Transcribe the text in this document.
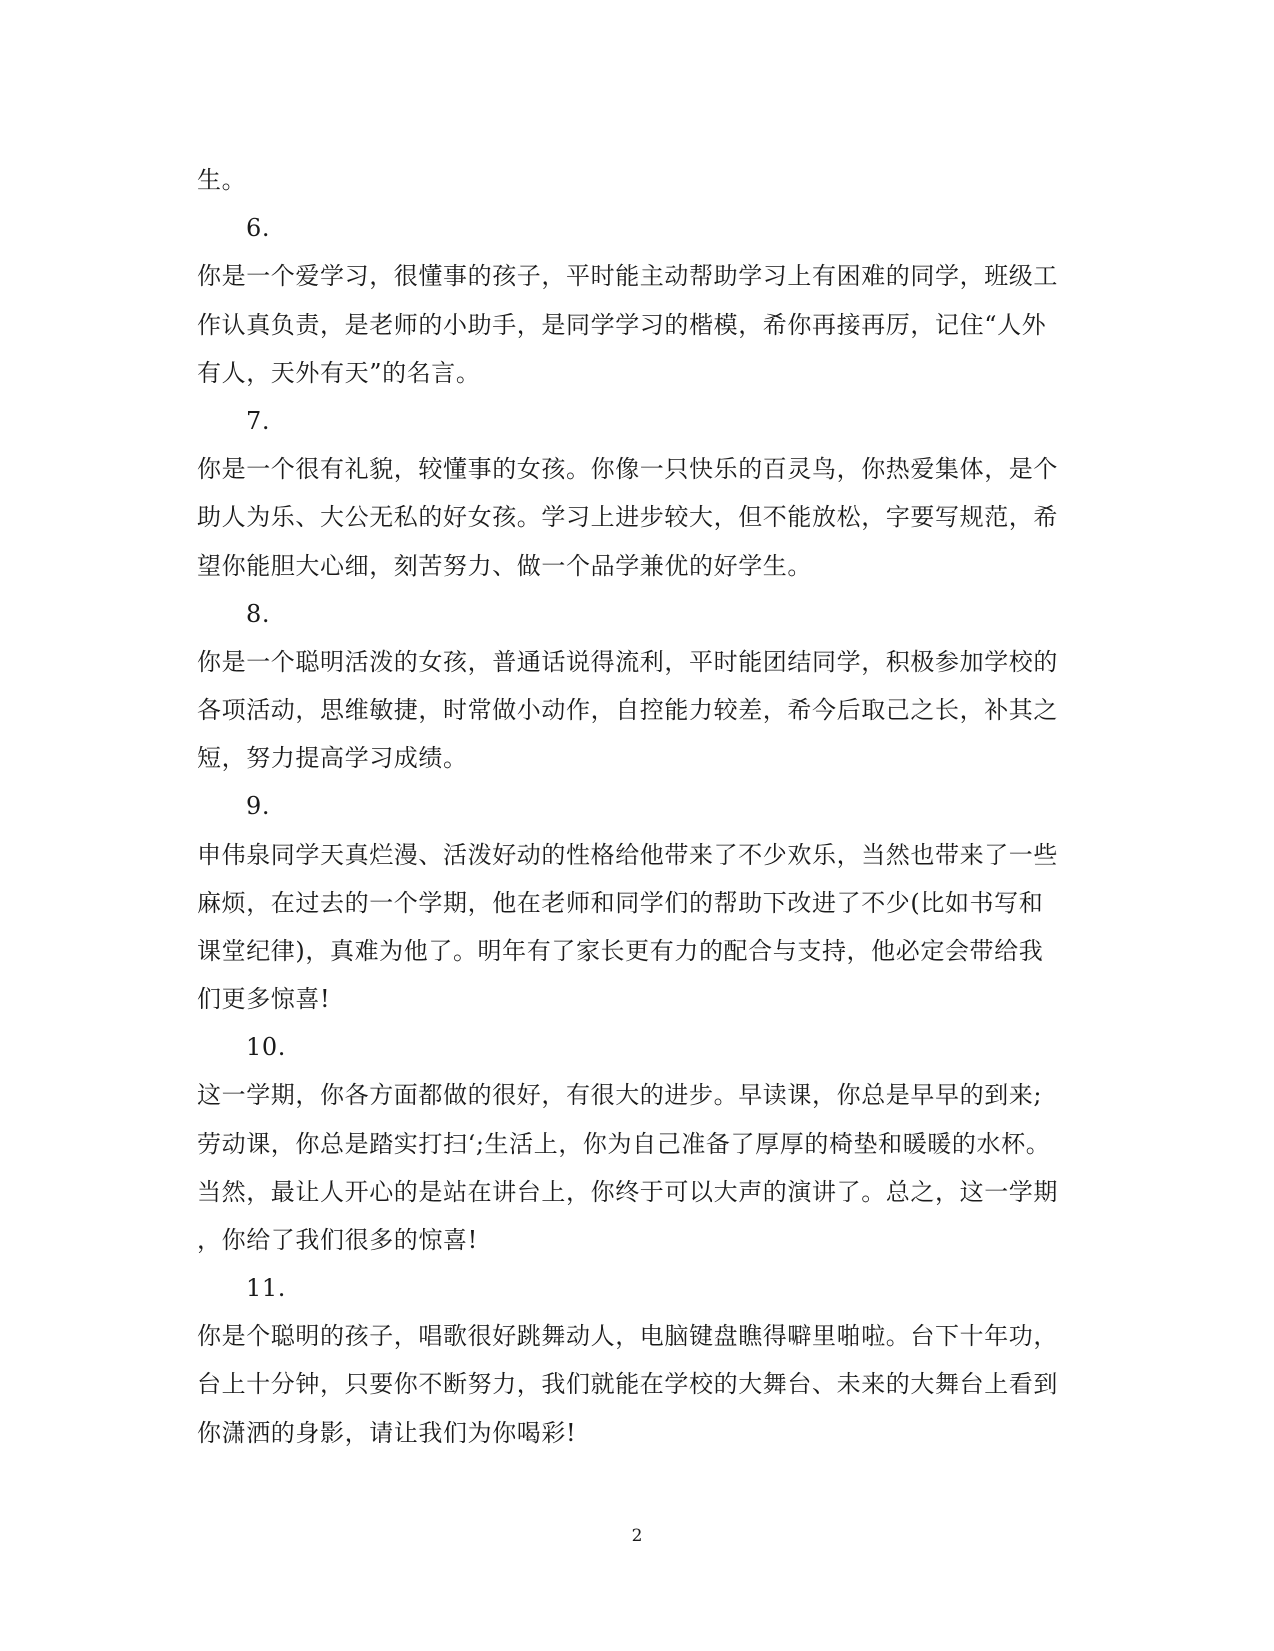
生。
6.
你是一个爱学习，很懂事的孩子，平时能主动帮助学习上有困难的同学，班级工
作认真负责，是老师的小助手，是同学学习的楷模，希你再接再厉，记住“人外
有人，天外有天”的名言。
7.
你是一个很有礼貌，较懂事的女孩。你像一只快乐的百灵鸟，你热爱集体，是个
助人为乐、大公无私的好女孩。学习上进步较大，但不能放松，字要写规范，希
望你能胆大心细，刻苦努力、做一个品学兼优的好学生。
8.
你是一个聪明活泼的女孩，普通话说得流利，平时能团结同学，积极参加学校的
各项活动，思维敏捷，时常做小动作，自控能力较差，希今后取己之长，补其之
短，努力提高学习成绩。
9.
申伟泉同学天真烂漫、活泼好动的性格给他带来了不少欢乐，当然也带来了一些
麻烦，在过去的一个学期，他在老师和同学们的帮助下改进了不少(比如书写和
课堂纪律)，真难为他了。明年有了家长更有力的配合与支持，他必定会带给我
们更多惊喜!
10.
这一学期，你各方面都做的很好，有很大的进步。早读课，你总是早早的到来;
劳动课，你总是踏实打扫‘;生活上，你为自己准备了厚厚的椅垫和暖暖的水杯。
当然，最让人开心的是站在讲台上，你终于可以大声的演讲了。总之，这一学期
，你给了我们很多的惊喜!
11.
你是个聪明的孩子，唱歌很好跳舞动人，电脑键盘瞧得噼里啪啦。台下十年功，
台上十分钟，只要你不断努力，我们就能在学校的大舞台、未来的大舞台上看到
你潇洒的身影，请让我们为你喝彩!
2
